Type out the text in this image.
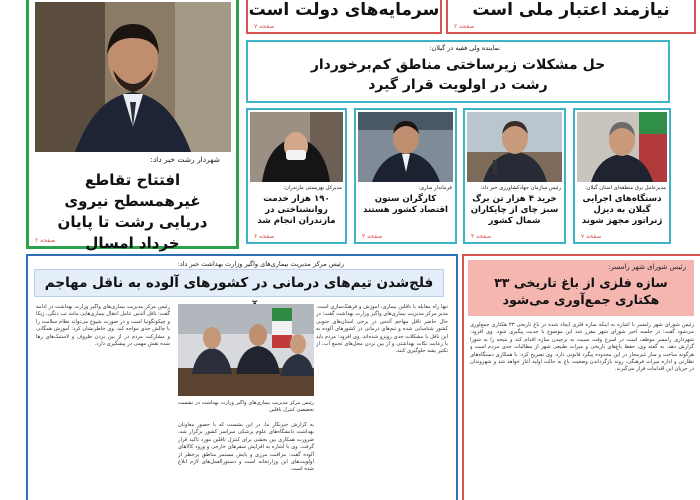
نیازمند اعتبار ملی است
صفحه ۲
سرمایه‌های دولت است
صفحه ۷
شهردار رشت خبر داد:
افتتاح تقاطع غیرهمسطح نیروی دریایی رشت تا پایان خرداد امسال
صفحه ۲
نماینده ولی فقیه در گیلان:
حل مشکلات زیرساختی مناطق کم‌برخوردار رشت در اولویت قرار گیرد
مدیرعامل برق منطقه‌ای استان گیلان:
دستگاه‌های اجرایی گیلان به دیزل ژنراتور مجهز شوند
صفحه ۷
رئیس سازمان جهادکشاورزی خبر داد:
خرید ۴ هزار تن برگ سبز چای از چایکاران شمال کشور
صفحه ۴
فرماندار ساری:
کارگران ستون اقتصاد کشور هستند
صفحه ۳
مدیرکل بهزیستی مازندران:
۱۹۰ هزار خدمت روانشناختی در مازندران انجام شد
صفحه ۶
رئیس مرکز مدیریت بیماری‌های واگیر وزارت بهداشت خبر داد:
فلج‌شدن تیم‌های درمانی در کشورهای آلوده به ناقل مهاجم

تنها راه مقابله با ناقلین بیماری، آموزش و فرهنگ‌سازی است. مدیر مرکز مدیریت بیماری‌های واگیر وزارت بهداشت گفت: در حال حاضر ناقل مهاجم آئدس در برخی استان‌های جنوبی کشور شناسایی شده و تیم‌های درمانی در کشورهای آلوده به این ناقل با مشکلات جدی روبرو شده‌اند. وی افزود: مردم باید با رعایت نکات بهداشتی و از بین بردن محل‌های تجمع آب، از تکثیر پشه جلوگیری کنند.

رئیس مرکز مدیریت بیماری‌های واگیر وزارت بهداشت در نشست تخصصی کنترل ناقلین

به گزارش خبرنگار ما، در این نشست که با حضور معاونان بهداشت دانشگاه‌های علوم پزشکی سراسر کشور برگزار شد، ضرورت همکاری بین بخشی برای کنترل ناقلین مورد تاکید قرار گرفت. وی با اشاره به افزایش سفرهای خارجی و ورود کالاهای آلوده گفت: مراقبت مرزی و پایش مستمر مناطق پرخطر از اولویت‌های این وزارتخانه است و دستورالعمل‌های لازم ابلاغ شده است.

رئیس مرکز مدیریت بیماری‌های واگیر وزارت بهداشت در ادامه گفت: ناقل آئدس عامل انتقال بیماری‌هایی مانند تب دنگی، زیکا و چیکونگونیا است و در صورت شیوع می‌تواند نظام سلامت را با چالش جدی مواجه کند. وی خاطرنشان کرد: آموزش همگانی و مشارکت مردم در از بین بردن ظروف و لاستیک‌های رها شده نقش مهمی در پیشگیری دارد.

رئیس شورای شهر رامسر:
سازه فلزی از باغ تاریخی ۳۳ هکتاری جمع‌آوری می‌شود

رئیس شورای شهر رامسر با اشاره به اینکه سازه فلزی ایجاد شده در باغ تاریخی ۳۳ هکتاری جمع‌آوری می‌شود گفت: در جلسه اخیر شورای شهر مقرر شد این موضوع با جدیت پیگیری شود. وی افزود: شهرداری رامسر موظف است در اسرع وقت نسبت به برچیدن سازه اقدام کند و نتیجه را به شورا گزارش دهد. به گفته وی، حفظ باغ‌های تاریخی و میراث طبیعی شهر از مطالبات جدی مردم است و هرگونه ساخت و ساز غیرمجاز در این محدوده پیگرد قانونی دارد. وی تصریح کرد: با همکاری دستگاه‌های نظارتی و اداره میراث فرهنگی، روند بازگرداندن وضعیت باغ به حالت اولیه آغاز خواهد شد و شهروندان در جریان این اقدامات قرار می‌گیرند.
